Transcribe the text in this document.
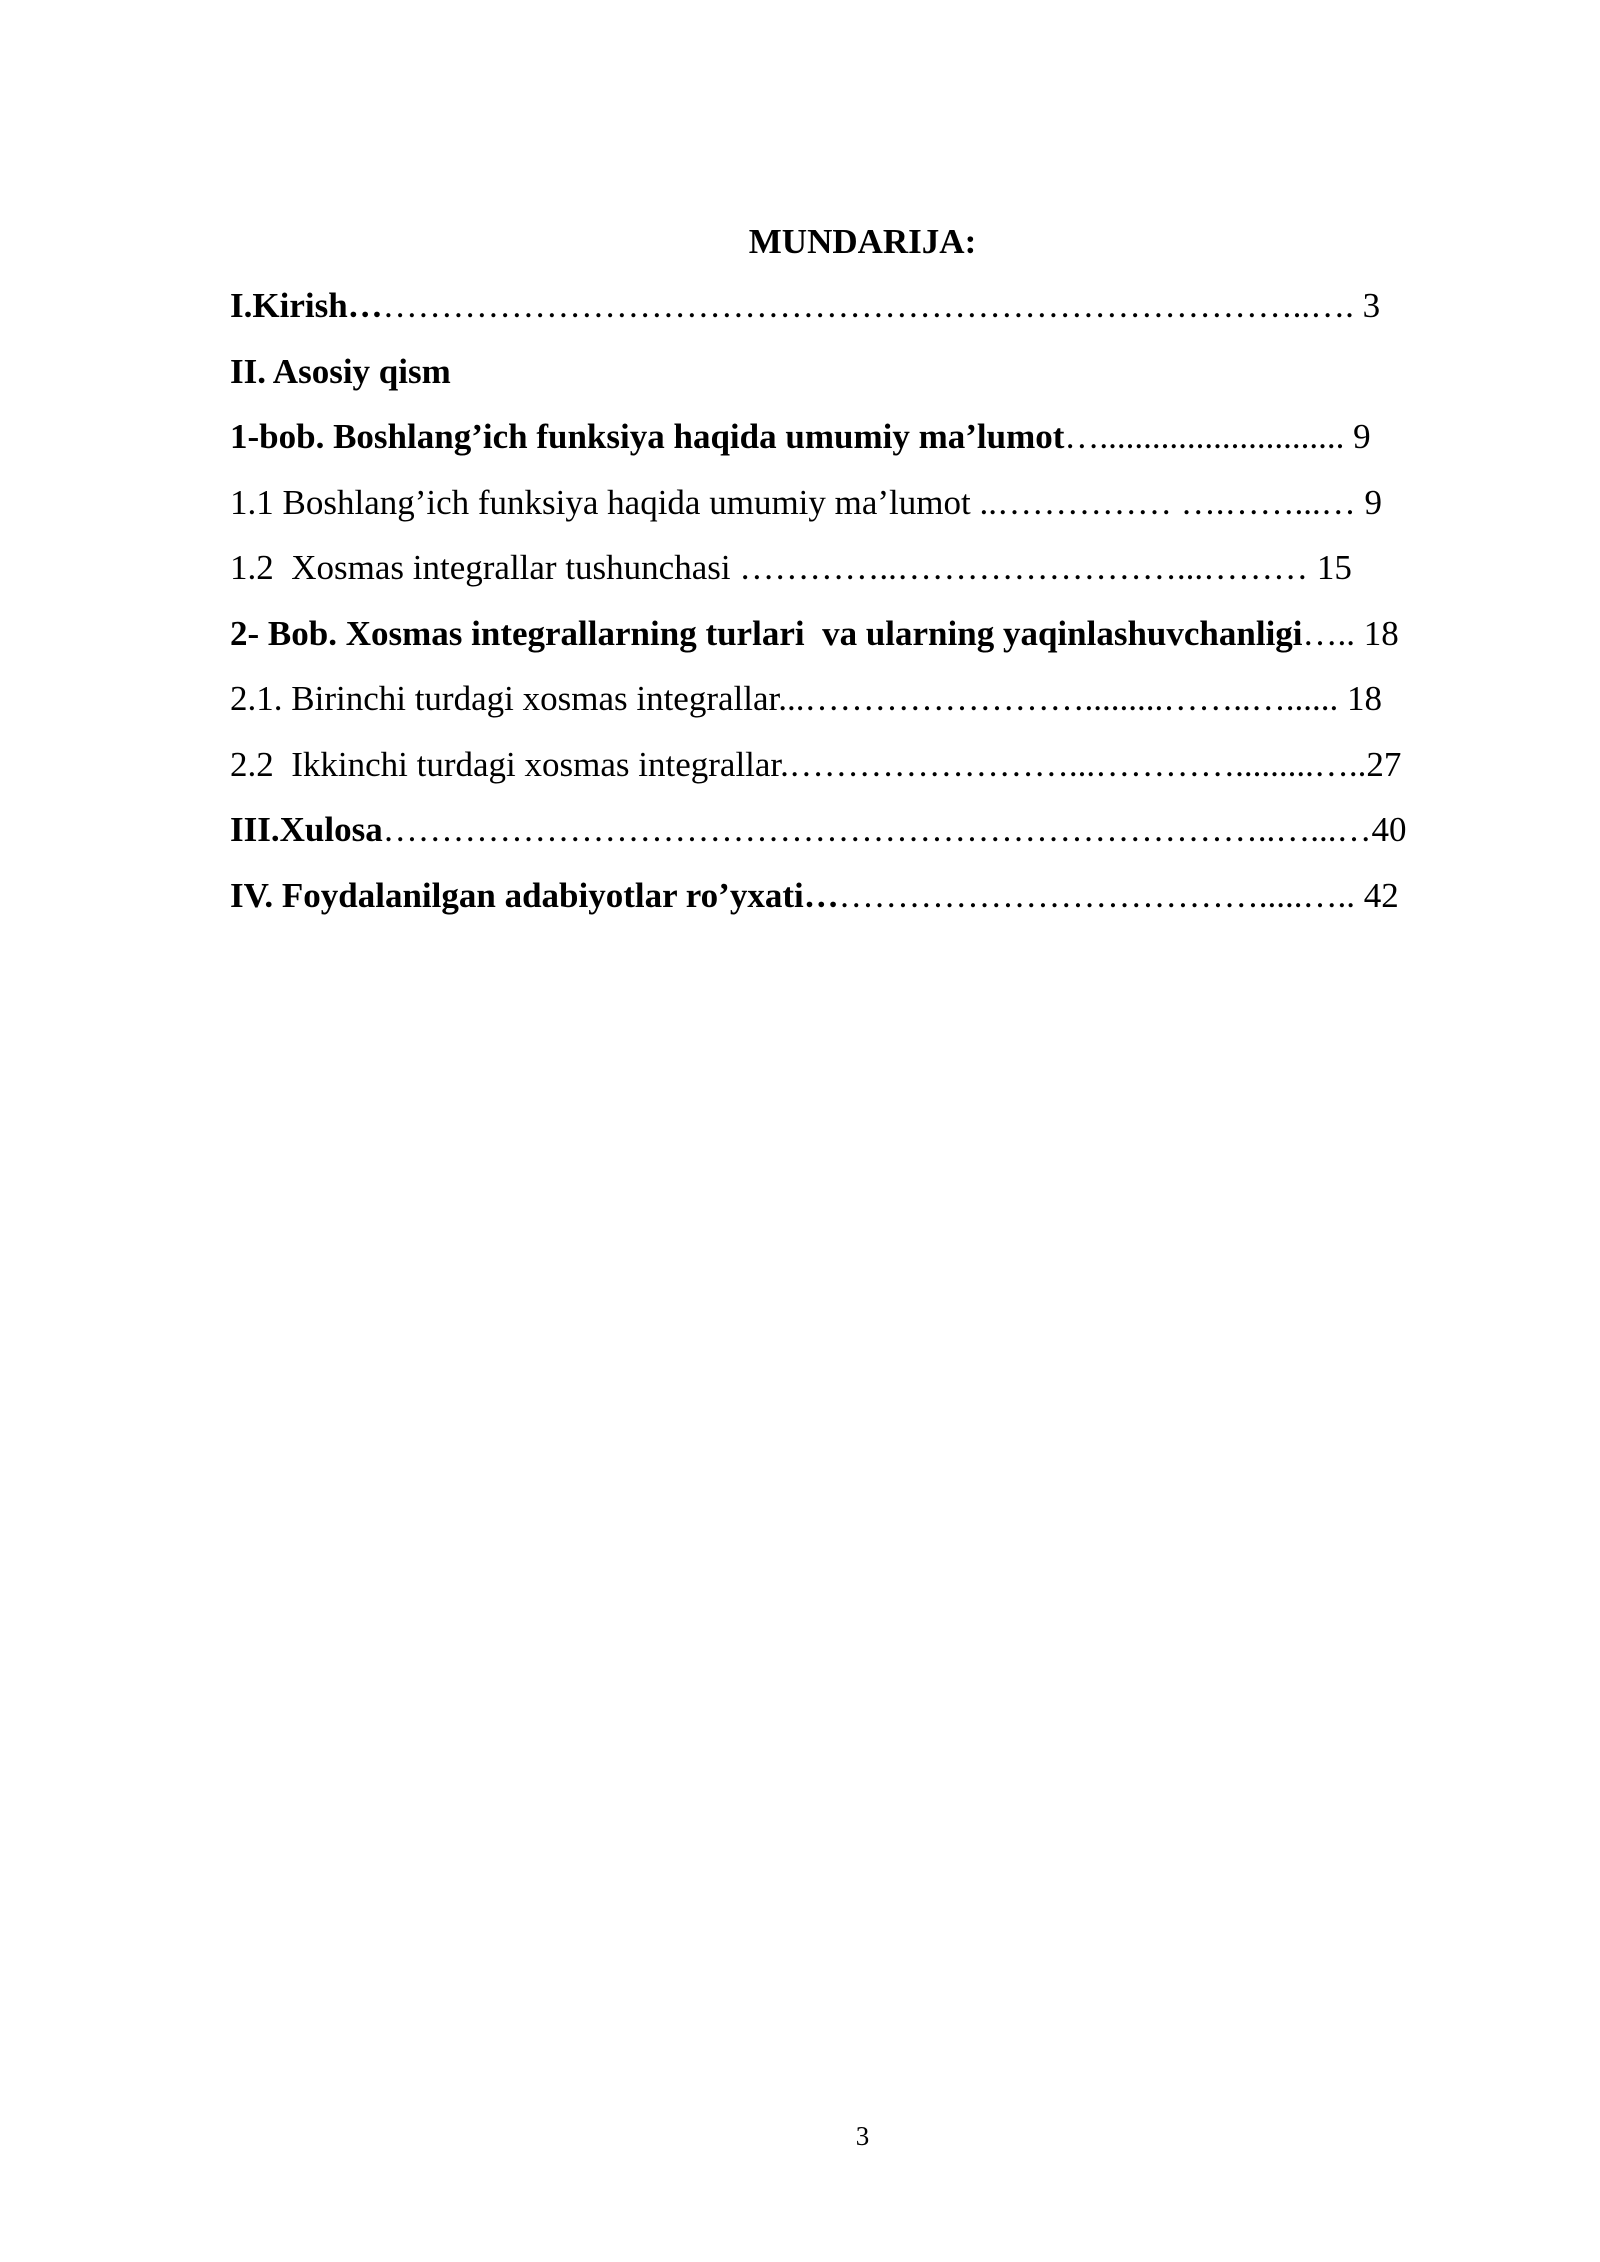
MUNDARIJA:
I.Kirish………………………………………………………………………..…. 3
II. Asosiy qism
1-bob. Boshlang’ich funksiya haqida umumiy ma’lumot…............................ 9
1.1 Boshlang’ich funksiya haqida umumiy ma’lumot ..…………… ….……...… 9
1.2  Xosmas integrallar tushunchasi …………..……………………...……… 15
2- Bob. Xosmas integrallarning turlari  va ularning yaqinlashuvchanligi….. 18
2.1. Birinchi turdagi xosmas integrallar...…………………….........……..…...... 18
2.2  Ikkinchi turdagi xosmas integrallar.……………………...………….........…..27
III.Xulosa…………………………………………………………………..…...…40
IV. Foydalanilgan adabiyotlar ro’yxati………………………………….....….. 42
3
